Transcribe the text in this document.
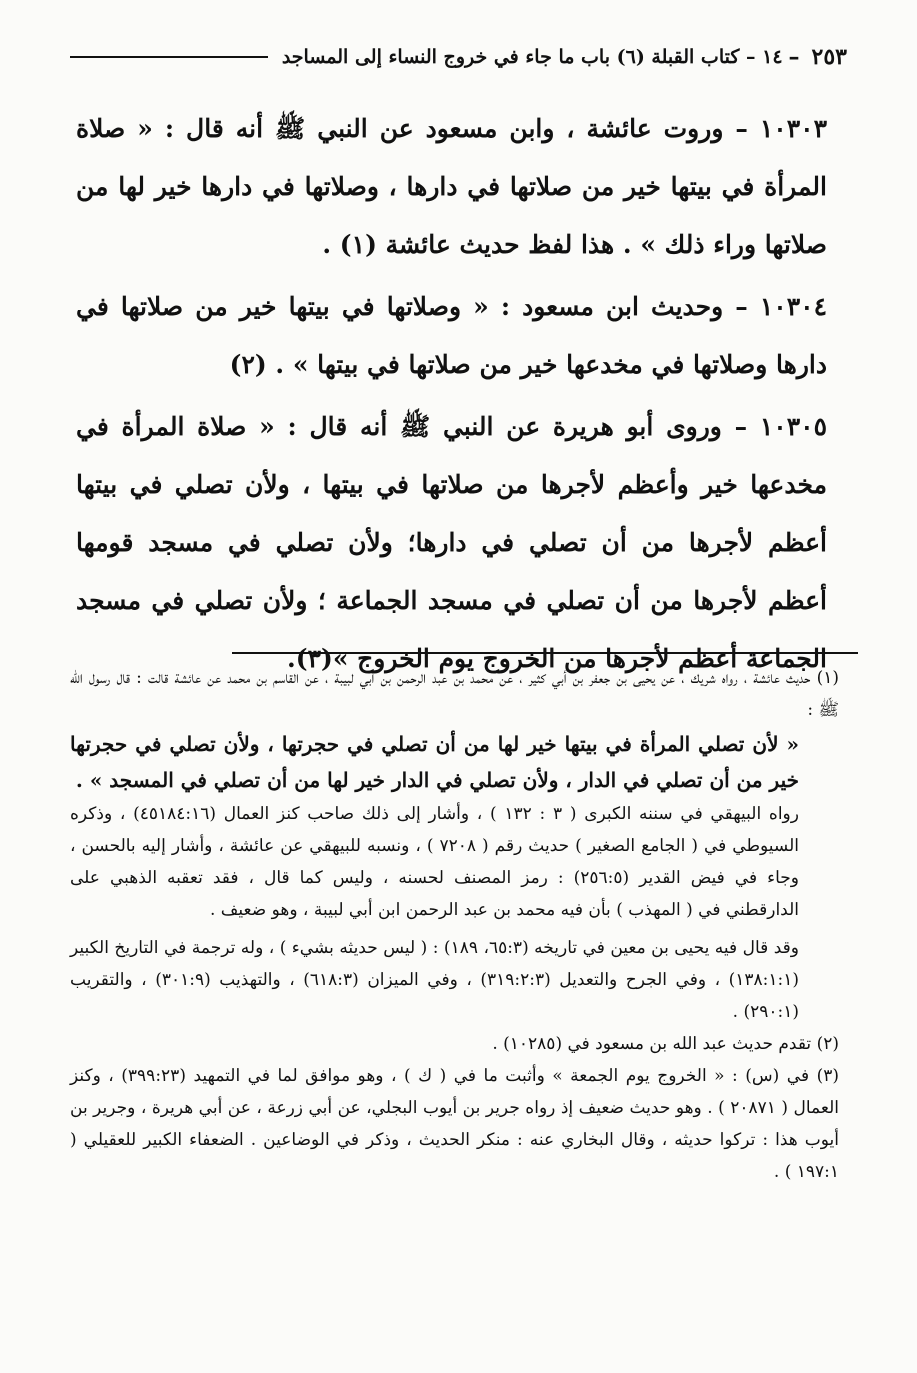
٢٥٣
–
١٤ – كتاب القبلة (٦) باب ما جاء في خروج النساء إلى المساجد

١٠٣٠٣ – وروت عائشة ، وابن مسعود عن النبي ﷺ أنه قال : « صلاة المرأة في بيتها خير من صلاتها في دارها ، وصلاتها في دارها خير لها من صلاتها وراء ذلك » . هذا لفظ حديث عائشة (١) .

١٠٣٠٤ – وحديث ابن مسعود : « وصلاتها في بيتها خير من صلاتها في دارها وصلاتها في مخدعها خير من صلاتها في بيتها » . (٢)

١٠٣٠٥ – وروى أبو هريرة عن النبي ﷺ أنه قال : « صلاة المرأة في مخدعها خير وأعظم لأجرها من صلاتها في بيتها ، ولأن تصلي في بيتها أعظم لأجرها من أن تصلي في دارها؛ ولأن تصلي في مسجد قومها أعظم لأجرها من أن تصلي في مسجد الجماعة ؛ ولأن تصلي في مسجد الجماعة أعظم لأجرها من الخروج يوم الخروج »(٣).

(١) حديث عائشة ، رواه شريك ، عن يحيى بن جعفر بن أبي كثير ، عن محمد بن عبد الرحمن بن أبي لبيبة ، عن القاسم بن محمد عن عائشة قالت : قال رسول الله ﷺ :

« لأن تصلي المرأة في بيتها خير لها من أن تصلي في حجرتها ، ولأن تصلي في حجرتها خير من أن تصلي في الدار ، ولأن تصلي في الدار خير لها من أن تصلي في المسجد » .

رواه البيهقي في سننه الكبرى ( ٣ : ١٣٢ ) ، وأشار إلى ذلك صاحب كنز العمال (٤٥١٨٤:١٦) ، وذكره السيوطي في ( الجامع الصغير ) حديث رقم ( ٧٢٠٨ ) ، ونسبه للبيهقي عن عائشة ، وأشار إليه بالحسن ، وجاء في فيض القدير (٢٥٦:٥) : رمز المصنف لحسنه ، وليس كما قال ، فقد تعقبه الذهبي على الدارقطني في ( المهذب ) بأن فيه محمد بن عبد الرحمن ابن أبي لبيبة ، وهو ضعيف .

وقد قال فيه يحيى بن معين في تاريخه (٦٥:٣، ١٨٩) : ( ليس حديثه بشيء ) ، وله ترجمة في التاريخ الكبير (١٣٨:١:١) ، وفي الجرح والتعديل (٣١٩:٢:٣) ، وفي الميزان (٦١٨:٣) ، والتهذيب (٣٠١:٩) ، والتقريب (٢٩٠:١) .

(٢) تقدم حديث عبد الله بن مسعود في (١٠٢٨٥) .

(٣) في (س) : « الخروج يوم الجمعة » وأثبت ما في ( ك ) ، وهو موافق لما في التمهيد (٣٩٩:٢٣) ، وكنز العمال ( ٢٠٨٧١ ) . وهو حديث ضعيف إذ رواه جرير بن أيوب البجلي، عن أبي زرعة ، عن أبي هريرة ، وجرير بن أيوب هذا : تركوا حديثه ، وقال البخاري عنه : منكر الحديث ، وذكر في الوضاعين . الضعفاء الكبير للعقيلي ( ١٩٧:١ ) .
